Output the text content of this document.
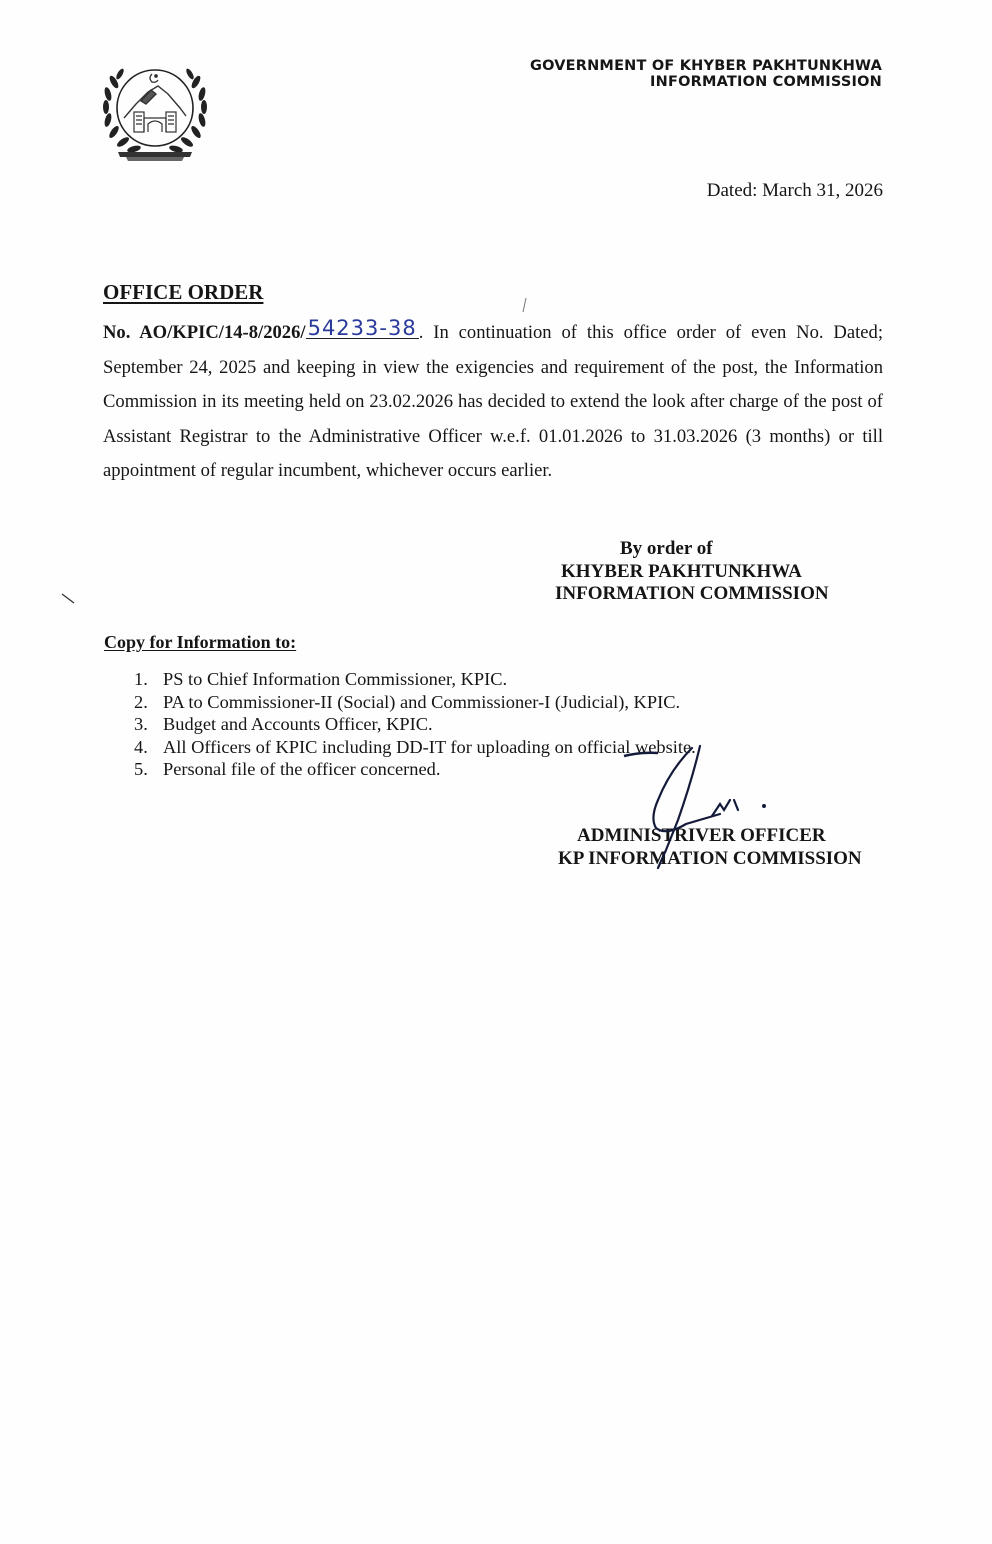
GOVERNMENT OF KHYBER PAKHTUNKHWA
INFORMATION COMMISSION
Dated: March 31, 2026
OFFICE ORDER
No. AO/KPIC/14-8/2026/54233-38 . In continuation of this office order of even No. Dated; September 24, 2025 and keeping in view the exigencies and requirement of the post, the Information Commission in its meeting held on 23.02.2026 has decided to extend the look after charge of the post of Assistant Registrar to the Administrative Officer w.e.f. 01.01.2026 to 31.03.2026 (3 months) or till appointment of regular incumbent, whichever occurs earlier.
By order of
KHYBER PAKHTUNKHWA
INFORMATION COMMISSION
Copy for Information to:
1. PS to Chief Information Commissioner, KPIC.
2. PA to Commissioner-II (Social) and Commissioner-I (Judicial), KPIC.
3. Budget and Accounts Officer, KPIC.
4. All Officers of KPIC including DD-IT for uploading on official website.
5. Personal file of the officer concerned.
ADMINISTRIVER OFFICER
KP INFORMATION COMMISSION
